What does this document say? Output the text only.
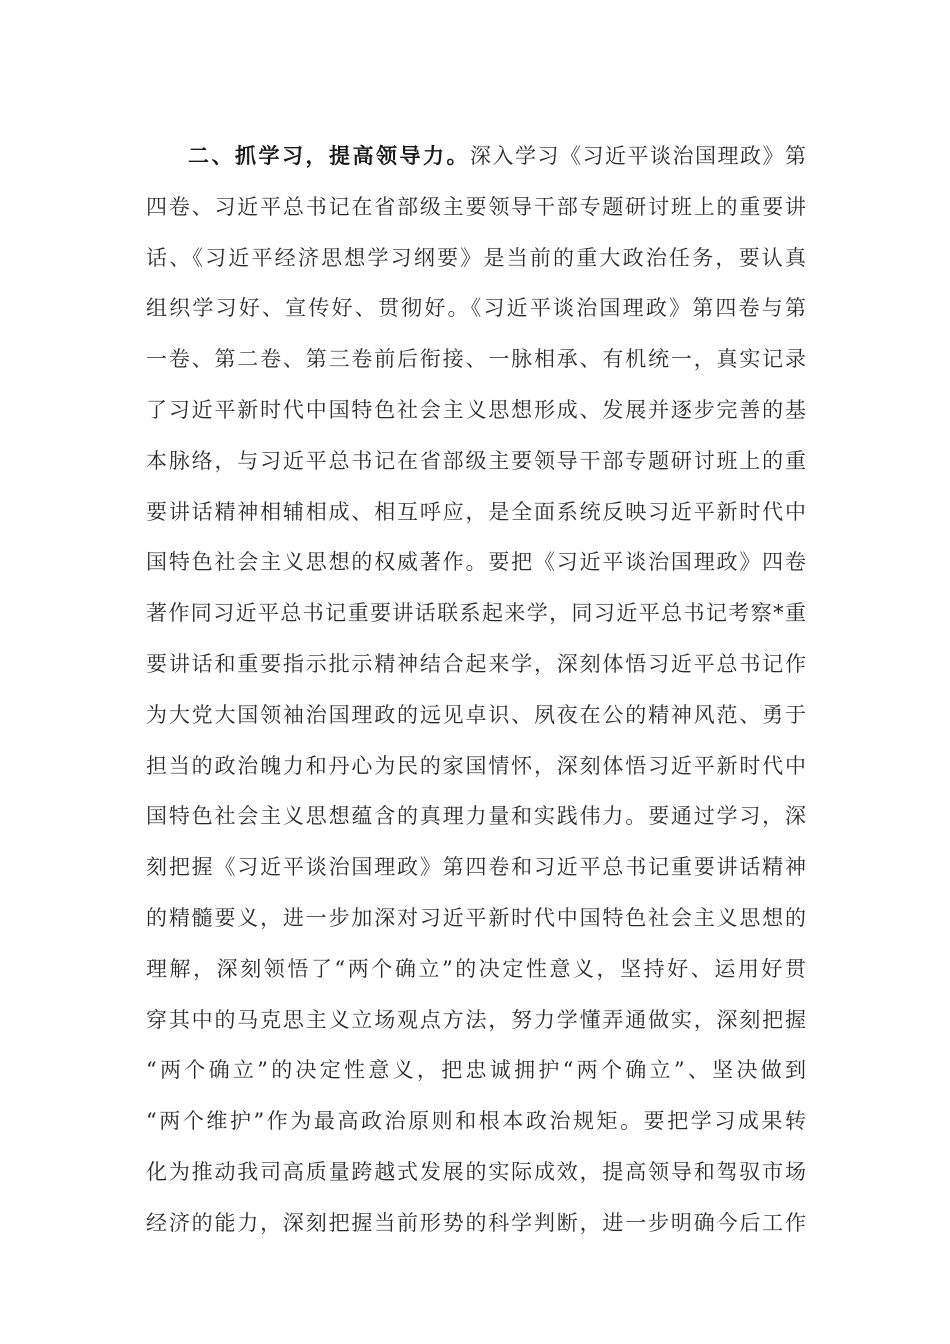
二、抓学习，提高领导力。深入学习《习近平谈治国理政》第
四卷、习近平总书记在省部级主要领导干部专题研讨班上的重要讲
话、《习近平经济思想学习纲要》是当前的重大政治任务，要认真
组织学习好、宣传好、贯彻好。《习近平谈治国理政》第四卷与第
一卷、第二卷、第三卷前后衔接、一脉相承、有机统一，真实记录
了习近平新时代中国特色社会主义思想形成、发展并逐步完善的基
本脉络，与习近平总书记在省部级主要领导干部专题研讨班上的重
要讲话精神相辅相成、相互呼应，是全面系统反映习近平新时代中
国特色社会主义思想的权威著作。要把《习近平谈治国理政》四卷
著作同习近平总书记重要讲话联系起来学，同习近平总书记考察*重
要讲话和重要指示批示精神结合起来学，深刻体悟习近平总书记作
为大党大国领袖治国理政的远见卓识、夙夜在公的精神风范、勇于
担当的政治魄力和丹心为民的家国情怀，深刻体悟习近平新时代中
国特色社会主义思想蕴含的真理力量和实践伟力。要通过学习，深
刻把握《习近平谈治国理政》第四卷和习近平总书记重要讲话精神
的精髓要义，进一步加深对习近平新时代中国特色社会主义思想的
理解，深刻领悟了“两个确立”的决定性意义，坚持好、运用好贯
穿其中的马克思主义立场观点方法，努力学懂弄通做实，深刻把握
“两个确立”的决定性意义，把忠诚拥护“两个确立”、坚决做到
“两个维护”作为最高政治原则和根本政治规矩。要把学习成果转
化为推动我司高质量跨越式发展的实际成效，提高领导和驾驭市场
经济的能力，深刻把握当前形势的科学判断，进一步明确今后工作
